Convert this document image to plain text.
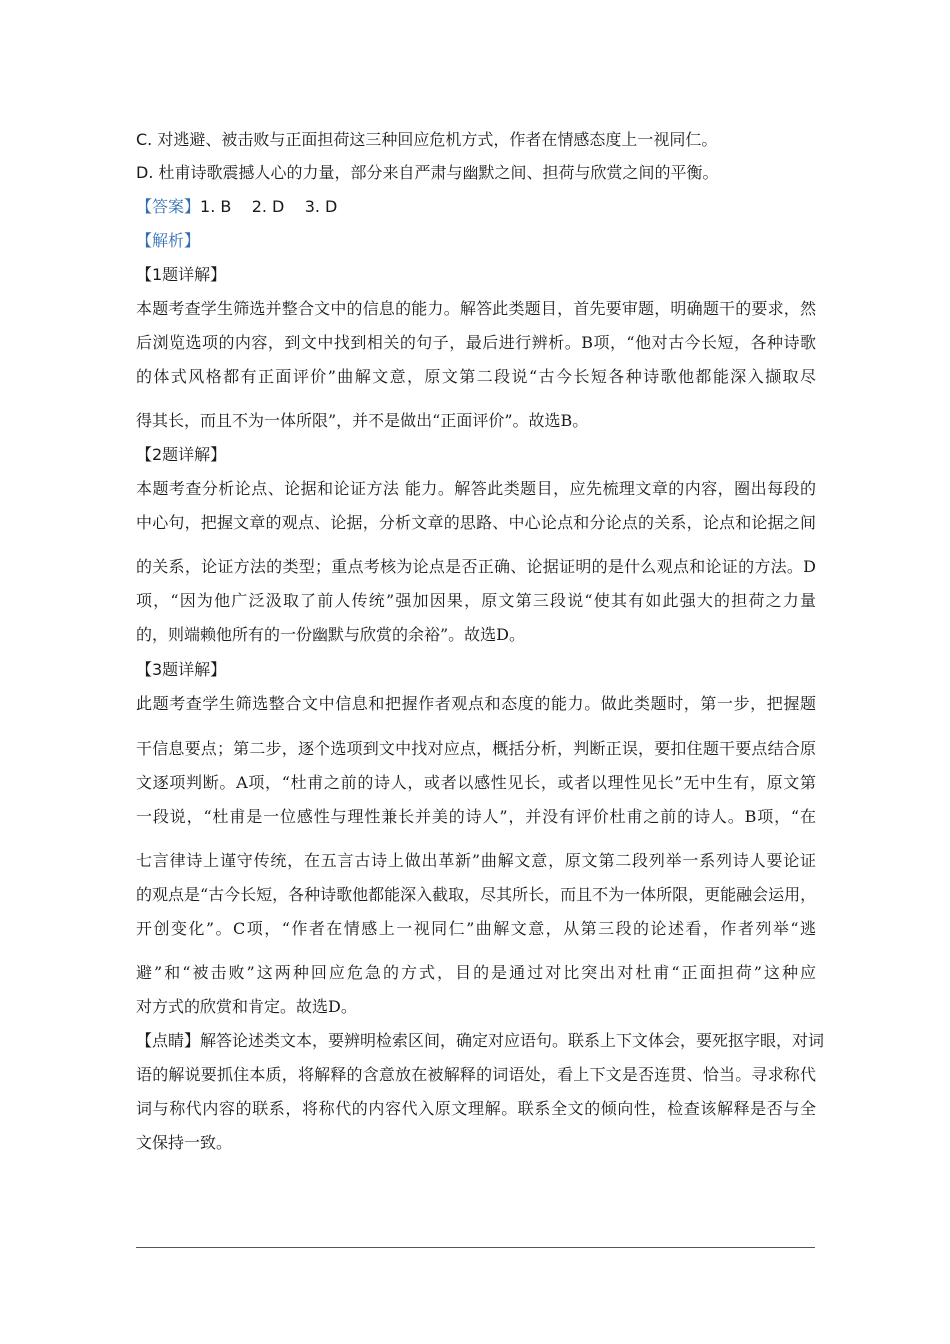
C. 对逃避、被击败与正面担荷这三种回应危机方式，作者在情感态度上一视同仁。
D. 杜甫诗歌震撼人心的力量，部分来自严肃与幽默之间、担荷与欣赏之间的平衡。
【答案】1. B    2. D    3. D
【解析】
【1题详解】
本题考查学生筛选并整合文中的信息的能力。解答此类题目，首先要审题，明确题干的要求，然
后浏览选项的内容，到文中找到相关的句子，最后进行辨析。B项，“他对古今长短，各种诗歌
的体式风格都有正面评价”曲解文意，原文第二段说“古今长短各种诗歌他都能深入撷取尽
得其长，而且不为一体所限”，并不是做出“正面评价”。故选B。
【2题详解】
本题考查分析论点、论据和论证方法 能力。解答此类题目，应先梳理文章的内容，圈出每段的
中心句，把握文章的观点、论据，分析文章的思路、中心论点和分论点的关系，论点和论据之间
的关系，论证方法的类型；重点考核为论点是否正确、论据证明的是什么观点和论证的方法。D
项，“因为他广泛汲取了前人传统”强加因果，原文第三段说“使其有如此强大的担荷之力量
的，则端赖他所有的一份幽默与欣赏的余裕”。故选D。
【3题详解】
此题考查学生筛选整合文中信息和把握作者观点和态度的能力。做此类题时，第一步，把握题
干信息要点；第二步，逐个选项到文中找对应点，概括分析，判断正误，要扣住题干要点结合原
文逐项判断。A项，“杜甫之前的诗人，或者以感性见长，或者以理性见长”无中生有，原文第
一段说，“杜甫是一位感性与理性兼长并美的诗人”，并没有评价杜甫之前的诗人。B项，“在
七言律诗上谨守传统，在五言古诗上做出革新”曲解文意，原文第二段列举一系列诗人要论证
的观点是“古今长短，各种诗歌他都能深入截取，尽其所长，而且不为一体所限，更能融会运用，
开创变化”。C项，“作者在情感上一视同仁”曲解文意，从第三段的论述看，作者列举“逃
避”和“被击败”这两种回应危急的方式，目的是通过对比突出对杜甫“正面担荷”这种应
对方式的欣赏和肯定。故选D。
【点睛】解答论述类文本，要辨明检索区间，确定对应语句。联系上下文体会，要死抠字眼，对词
语的解说要抓住本质，将解释的含意放在被解释的词语处，看上下文是否连贯、恰当。寻求称代
词与称代内容的联系，将称代的内容代入原文理解。联系全文的倾向性，检查该解释是否与全
文保持一致。
